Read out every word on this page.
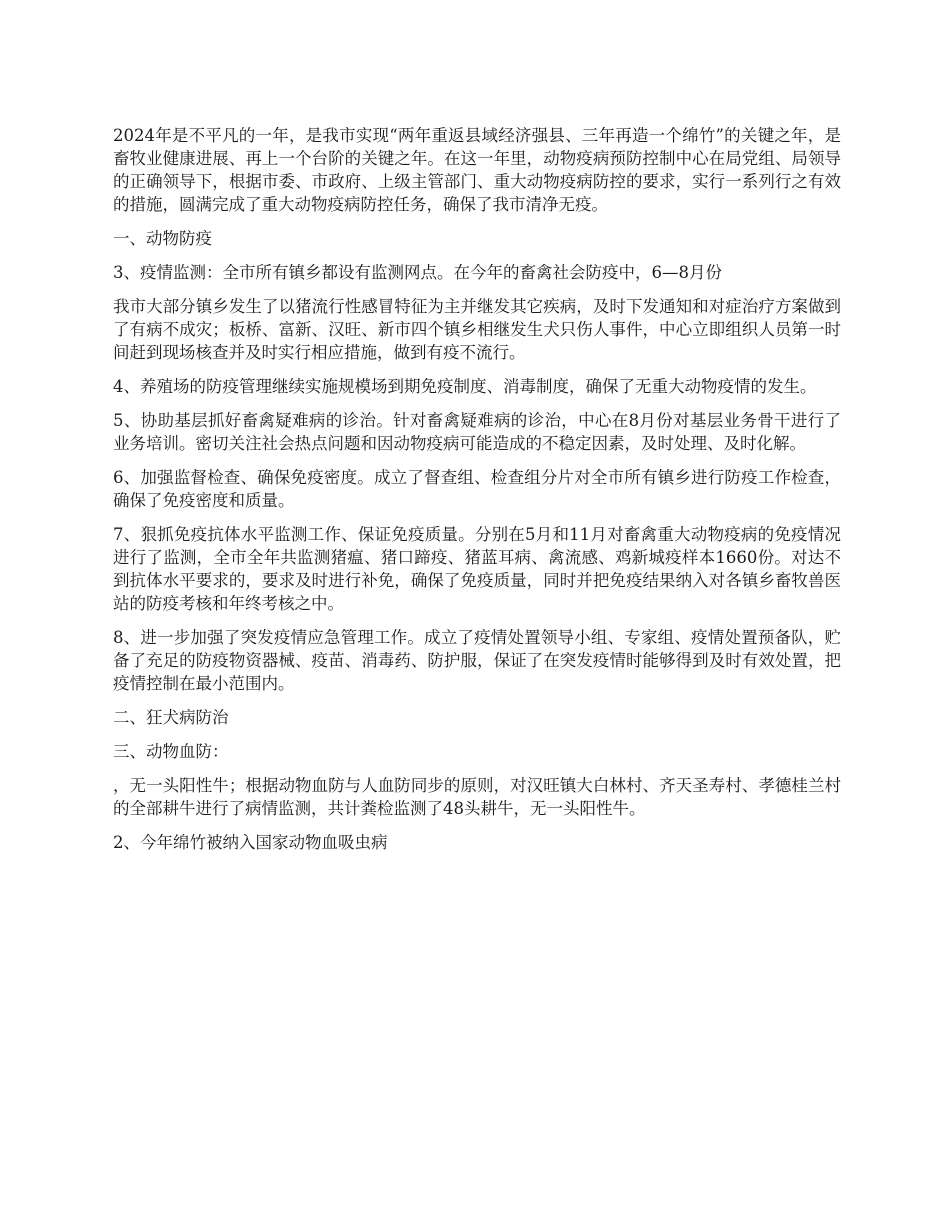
2024年是不平凡的一年，是我市实现“两年重返县域经济强县、三年再造一个绵竹”的关键之年，是畜牧业健康进展、再上一个台阶的关键之年。在这一年里，动物疫病预防控制中心在局党组、局领导的正确领导下，根据市委、市政府、上级主管部门、重大动物疫病防控的要求，实行一系列行之有效的措施，圆满完成了重大动物疫病防控任务，确保了我市清净无疫。

一、动物防疫

3、疫情监测：全市所有镇乡都设有监测网点。在今年的畜禽社会防疫中，6—8月份

我市大部分镇乡发生了以猪流行性感冒特征为主并继发其它疾病，及时下发通知和对症治疗方案做到了有病不成灾；板桥、富新、汉旺、新市四个镇乡相继发生犬只伤人事件，中心立即组织人员第一时间赶到现场核查并及时实行相应措施，做到有疫不流行。

4、养殖场的防疫管理继续实施规模场到期免疫制度、消毒制度，确保了无重大动物疫情的发生。

5、协助基层抓好畜禽疑难病的诊治。针对畜禽疑难病的诊治，中心在8月份对基层业务骨干进行了业务培训。密切关注社会热点问题和因动物疫病可能造成的不稳定因素，及时处理、及时化解。

6、加强监督检查、确保免疫密度。成立了督查组、检查组分片对全市所有镇乡进行防疫工作检查，确保了免疫密度和质量。

7、狠抓免疫抗体水平监测工作、保证免疫质量。分别在5月和11月对畜禽重大动物疫病的免疫情况进行了监测，全市全年共监测猪瘟、猪口蹄疫、猪蓝耳病、禽流感、鸡新城疫样本1660份。对达不到抗体水平要求的，要求及时进行补免，确保了免疫质量，同时并把免疫结果纳入对各镇乡畜牧兽医站的防疫考核和年终考核之中。

8、进一步加强了突发疫情应急管理工作。成立了疫情处置领导小组、专家组、疫情处置预备队，贮备了充足的防疫物资器械、疫苗、消毒药、防护服，保证了在突发疫情时能够得到及时有效处置，把疫情控制在最小范围内。

二、狂犬病防治

三、动物血防：

，无一头阳性牛；根据动物血防与人血防同步的原则，对汉旺镇大白林村、齐天圣寿村、孝德桂兰村的全部耕牛进行了病情监测，共计粪检监测了48头耕牛，无一头阳性牛。

2、今年绵竹被纳入国家动物血吸虫病
